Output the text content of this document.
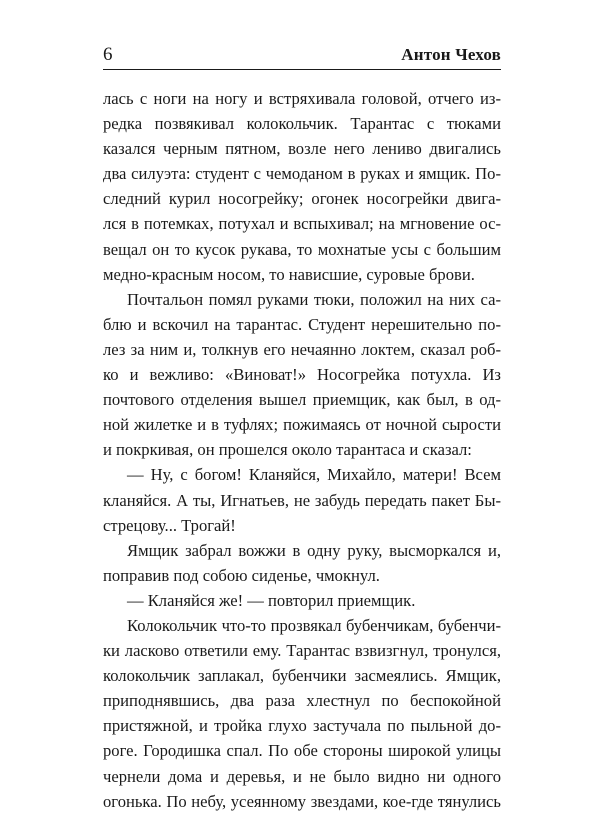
6	Антон Чехов
лась с ноги на ногу и встряхивала головой, отчего из-
редка позвякивал колокольчик. Тарантас с тюками
казался черным пятном, возле него лениво двигались
два силуэта: студент с чемоданом в руках и ямщик. По-
следний курил носогрейку; огонек носогрейки двига-
лся в потемках, потухал и вспыхивал; на мгновение ос-
вещал он то кусок рукава, то мохнатые усы с большим
медно-красным носом, то нависшие, суровые брови.
Почтальон помял руками тюки, положил на них са-
блю и вскочил на тарантас. Студент нерешительно по-
лез за ним и, толкнув его нечаянно локтем, сказал роб-
ко и вежливо: «Виноват!» Носогрейка потухла. Из
почтового отделения вышел приемщик, как был, в од-
ной жилетке и в туфлях; пожимаясь от ночной сырости
и покркивая, он прошелся около тарантаса и сказал:
— Ну, с богом! Кланяйся, Михайло, матери! Всем
кланяйся. А ты, Игнатьев, не забудь передать пакет Бы-
стрецову... Трогай!
Ямщик забрал вожжи в одну руку, высморкался и,
поправив под собою сиденье, чмокнул.
— Кланяйся же! — повторил приемщик.
Колокольчик что-то прозвякал бубенчикам, бубенчи-
ки ласково ответили ему. Тарантас взвизгнул, тронулся,
колокольчик заплакал, бубенчики засмеялись. Ямщик,
приподнявшись, два раза хлестнул по беспокойной
пристяжной, и тройка глухо застучала по пыльной до-
роге. Городишка спал. По обе стороны широкой улицы
чернели дома и деревья, и не было видно ни одного
огонька. По небу, усеянному звездами, кое-где тянулись
